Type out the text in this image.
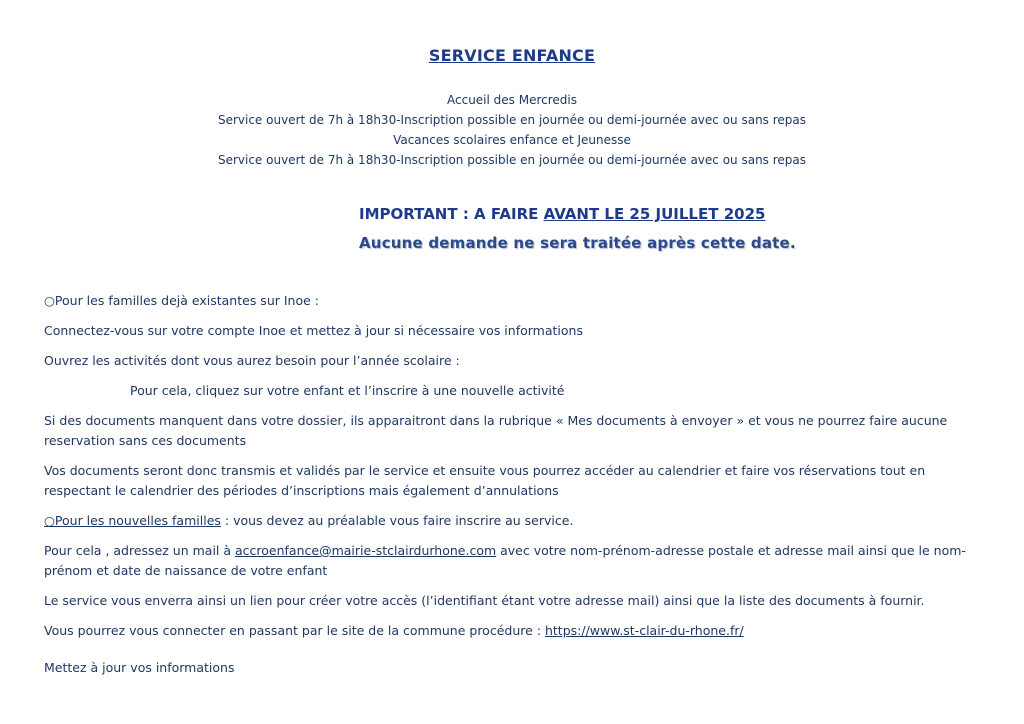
SERVICE ENFANCE
Accueil des Mercredis
Service ouvert de 7h à 18h30-Inscription possible en journée ou demi-journée avec ou sans repas
Vacances scolaires enfance et Jeunesse
Service ouvert de 7h à 18h30-Inscription possible en journée ou demi-journée avec ou sans repas
IMPORTANT : A FAIRE AVANT LE 25 JUILLET 2025
Aucune demande ne sera traitée après cette date.
○Pour les familles dejà existantes sur Inoe :
Connectez-vous sur votre compte Inoe et mettez à jour si nécessaire vos informations
Ouvrez les activités dont vous aurez besoin pour l’année scolaire :
Pour cela, cliquez sur votre enfant et l’inscrire à une nouvelle activité
Si des documents manquent dans votre dossier, ils apparaitront dans la rubrique « Mes documents à envoyer » et vous ne pourrez faire aucune reservation sans ces documents
Vos documents seront donc transmis et validés par le service et ensuite vous pourrez accéder au calendrier et faire vos réservations tout en respectant le calendrier des périodes d’inscriptions mais également d’annulations
○Pour les nouvelles familles : vous devez au préalable vous faire inscrire au service.
Pour cela , adressez un mail à accroenfance@mairie-stclairdurhone.com avec votre nom-prénom-adresse postale et adresse mail ainsi que le nom-prénom et date de naissance de votre enfant
Le service vous enverra ainsi un lien pour créer votre accès (l’identifiant étant votre adresse mail) ainsi que la liste des documents à fournir.
Vous pourrez vous connecter en passant par le site de la commune procédure : https://www.st-clair-du-rhone.fr/
Mettez à jour vos informations
